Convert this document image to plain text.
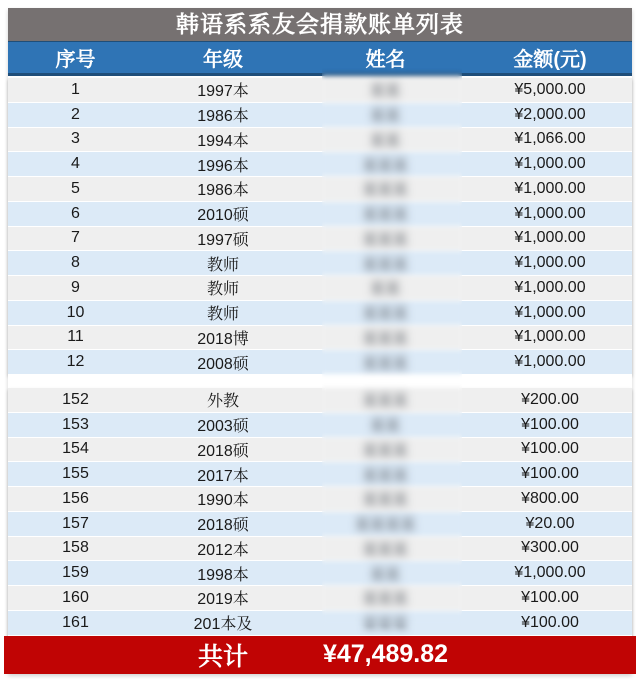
韩语系系友会捐款账单列表
序号	年级	姓名	金额(元)
1	1997本	某某	¥5,000.00
2	1986本	某某	¥2,000.00
3	1994本	某某	¥1,066.00
4	1996本	某某某	¥1,000.00
5	1986本	某某某	¥1,000.00
6	2010硕	某某某	¥1,000.00
7	1997硕	某某某	¥1,000.00
8	教师	某某某	¥1,000.00
9	教师	某某	¥1,000.00
10	教师	某某某	¥1,000.00
11	2018博	某某某	¥1,000.00
12	2008硕	某某某	¥1,000.00
152	外教	某某某	¥200.00
153	2003硕	某某	¥100.00
154	2018硕	某某某	¥100.00
155	2017本	某某某	¥100.00
156	1990本	某某某	¥800.00
157	2018硕	某某某某	¥20.00
158	2012本	某某某	¥300.00
159	1998本	某某	¥1,000.00
160	2019本	某某某	¥100.00
161	201本及	某某某	¥100.00
共计	¥47,489.82
